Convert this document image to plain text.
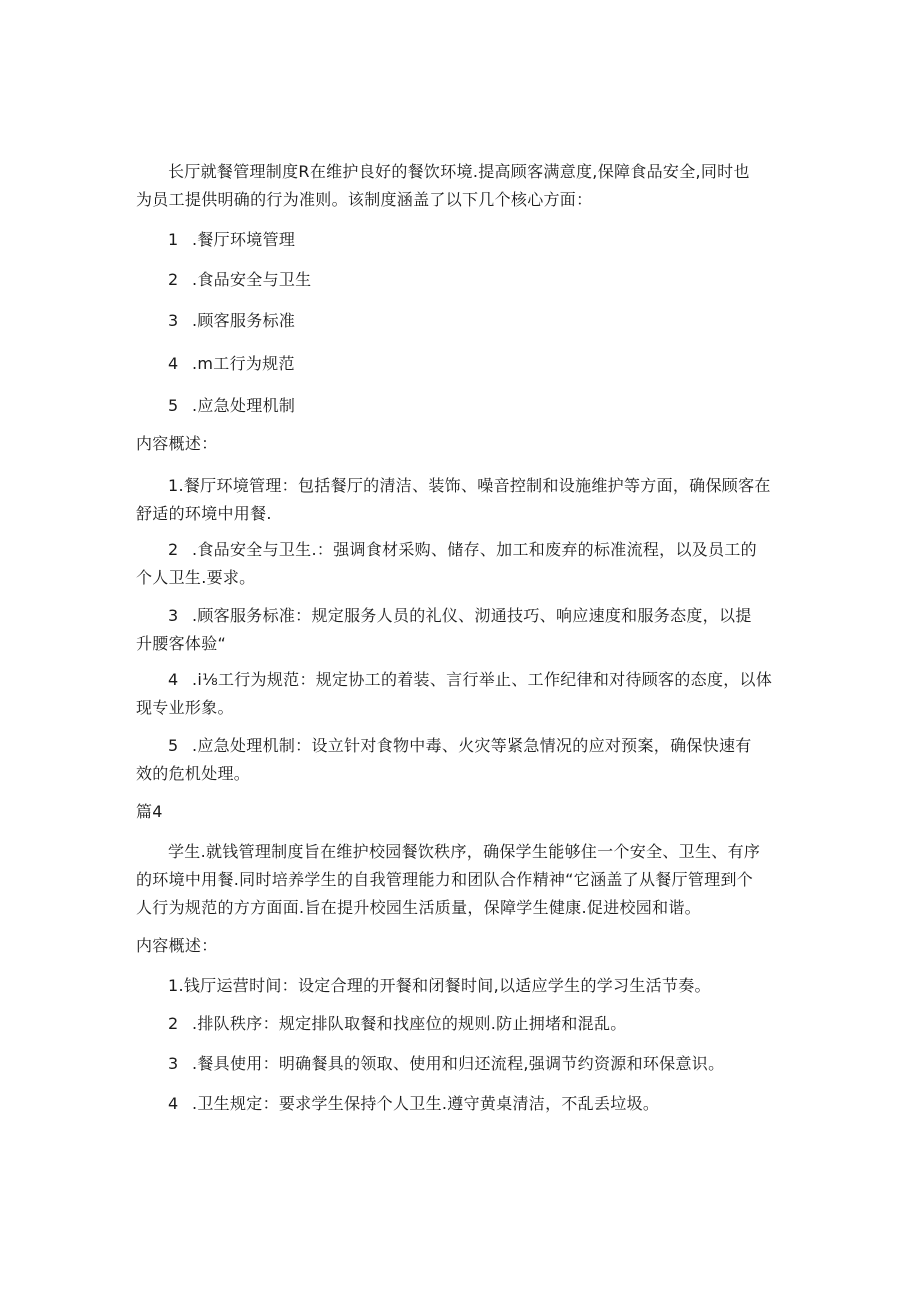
长厅就餐管理制度R在维护良好的餐饮环境.提高顾客满意度,保障食品安全,同时也
为员工提供明确的行为准则。该制度涵盖了以下几个核心方面：
1 .餐厅环境管理
2 .食品安全与卫生
3 .顾客服务标准
4 .m工行为规范
5 .应急处理机制
内容概述：
1.餐厅环境管理：包括餐厅的清洁、装饰、噪音控制和设施维护等方面，确保顾客在
舒适的环境中用餐.
2 .食品安全与卫生.：强调食材采购、储存、加工和废弃的标准流程，以及员工的
个人卫生.要求。
3 .顾客服务标准：规定服务人员的礼仪、沏通技巧、响应速度和服务态度，以提
升腰客体验“
4 .i⅛工行为规范：规定协工的着装、言行举止、工作纪律和对待顾客的态度，以体
现专业形象。
5 .应急处理机制：设立针对食物中毒、火灾等紧急情况的应对预案，确保快速有
效的危机处理。
篇4
学生.就钱管理制度旨在维护校园餐饮秩序，确保学生能够住一个安全、卫生、有序
的环境中用餐.同时培养学生的自我管理能力和团队合作精神“它涵盖了从餐厅管理到个
人行为规范的方方面面.旨在提升校园生活质量，保障学生健康.促进校园和谐。
内容概述：
1.钱厅运营时间：设定合理的开餐和闭餐时间,以适应学生的学习生活节奏。
2 .排队秩序：规定排队取餐和找座位的规则.防止拥堵和混乱。
3 .餐具使用：明确餐具的领取、使用和归还流程,强调节约资源和环保意识。
4 .卫生规定：要求学生保持个人卫生.遵守黄桌清洁，不乱丢垃圾。
